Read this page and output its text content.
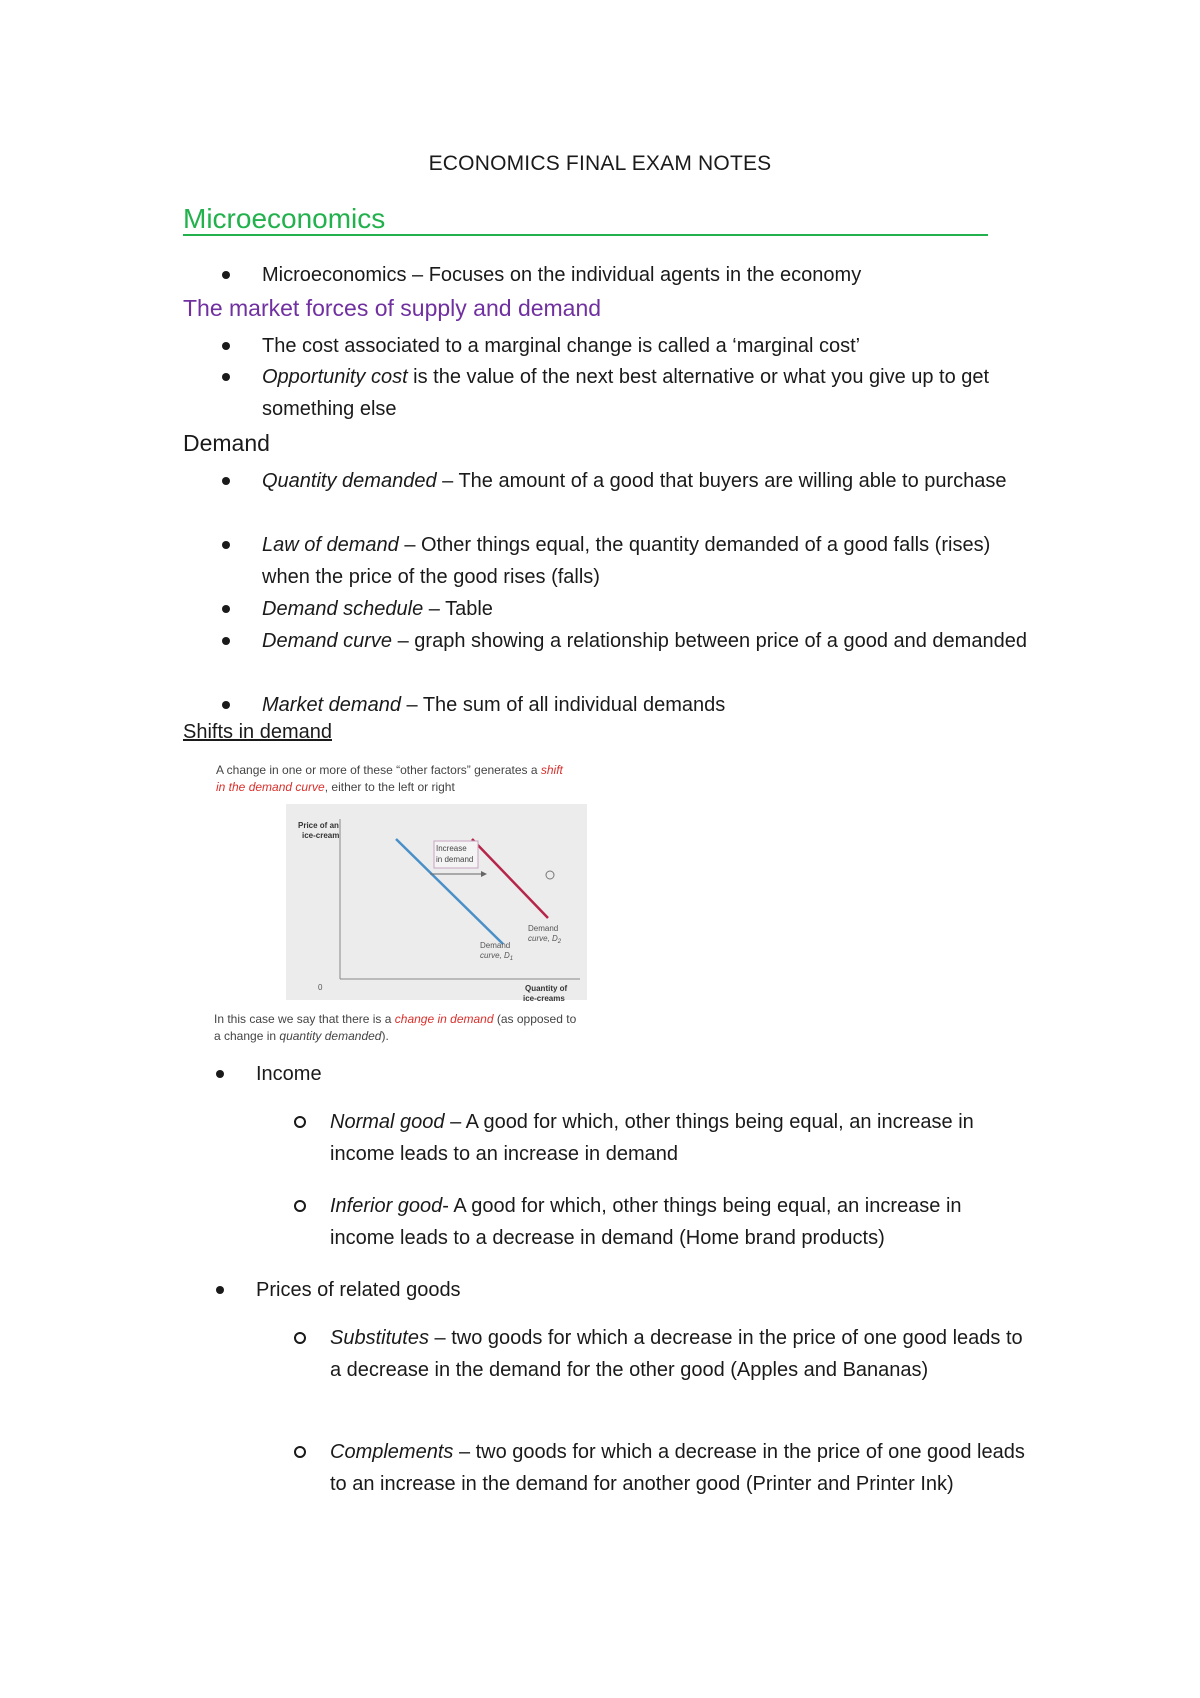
ECONOMICS FINAL EXAM NOTES
Microeconomics
Microeconomics – Focuses on the individual agents in the economy
The market forces of supply and demand
The cost associated to a marginal change is called a ‘marginal cost’
Opportunity cost is the value of the next best alternative or what you give up to get something else
Demand
Quantity demanded – The amount of a good that buyers are willing able to purchase
Law of demand – Other things equal, the quantity demanded of a good falls (rises) when the price of the good rises (falls)
Demand schedule – Table
Demand curve – graph showing a relationship between price of a good and demanded
Market demand – The sum of all individual demands
Shifts in demand
A change in one or more of these “other factors” generates a shift
in the demand curve, either to the left or right
Price of an
ice-cream
0	Quantity of
ice-creams
Increase
in demand
Demand
curve, $D_2$
Demand
curve, $D_1$
In this case we say that there is a change in demand (as opposed to
a change in quantity demanded).
Income
Normal good – A good for which, other things being equal, an increase in income leads to an increase in demand
Inferior good- A good for which, other things being equal, an increase in income leads to a decrease in demand (Home brand products)
Prices of related goods
Substitutes – two goods for which a decrease in the price of one good leads to a decrease in the demand for the other good (Apples and Bananas)
Complements – two goods for which a decrease in the price of one good leads to an increase in the demand for another good (Printer and Printer Ink)
